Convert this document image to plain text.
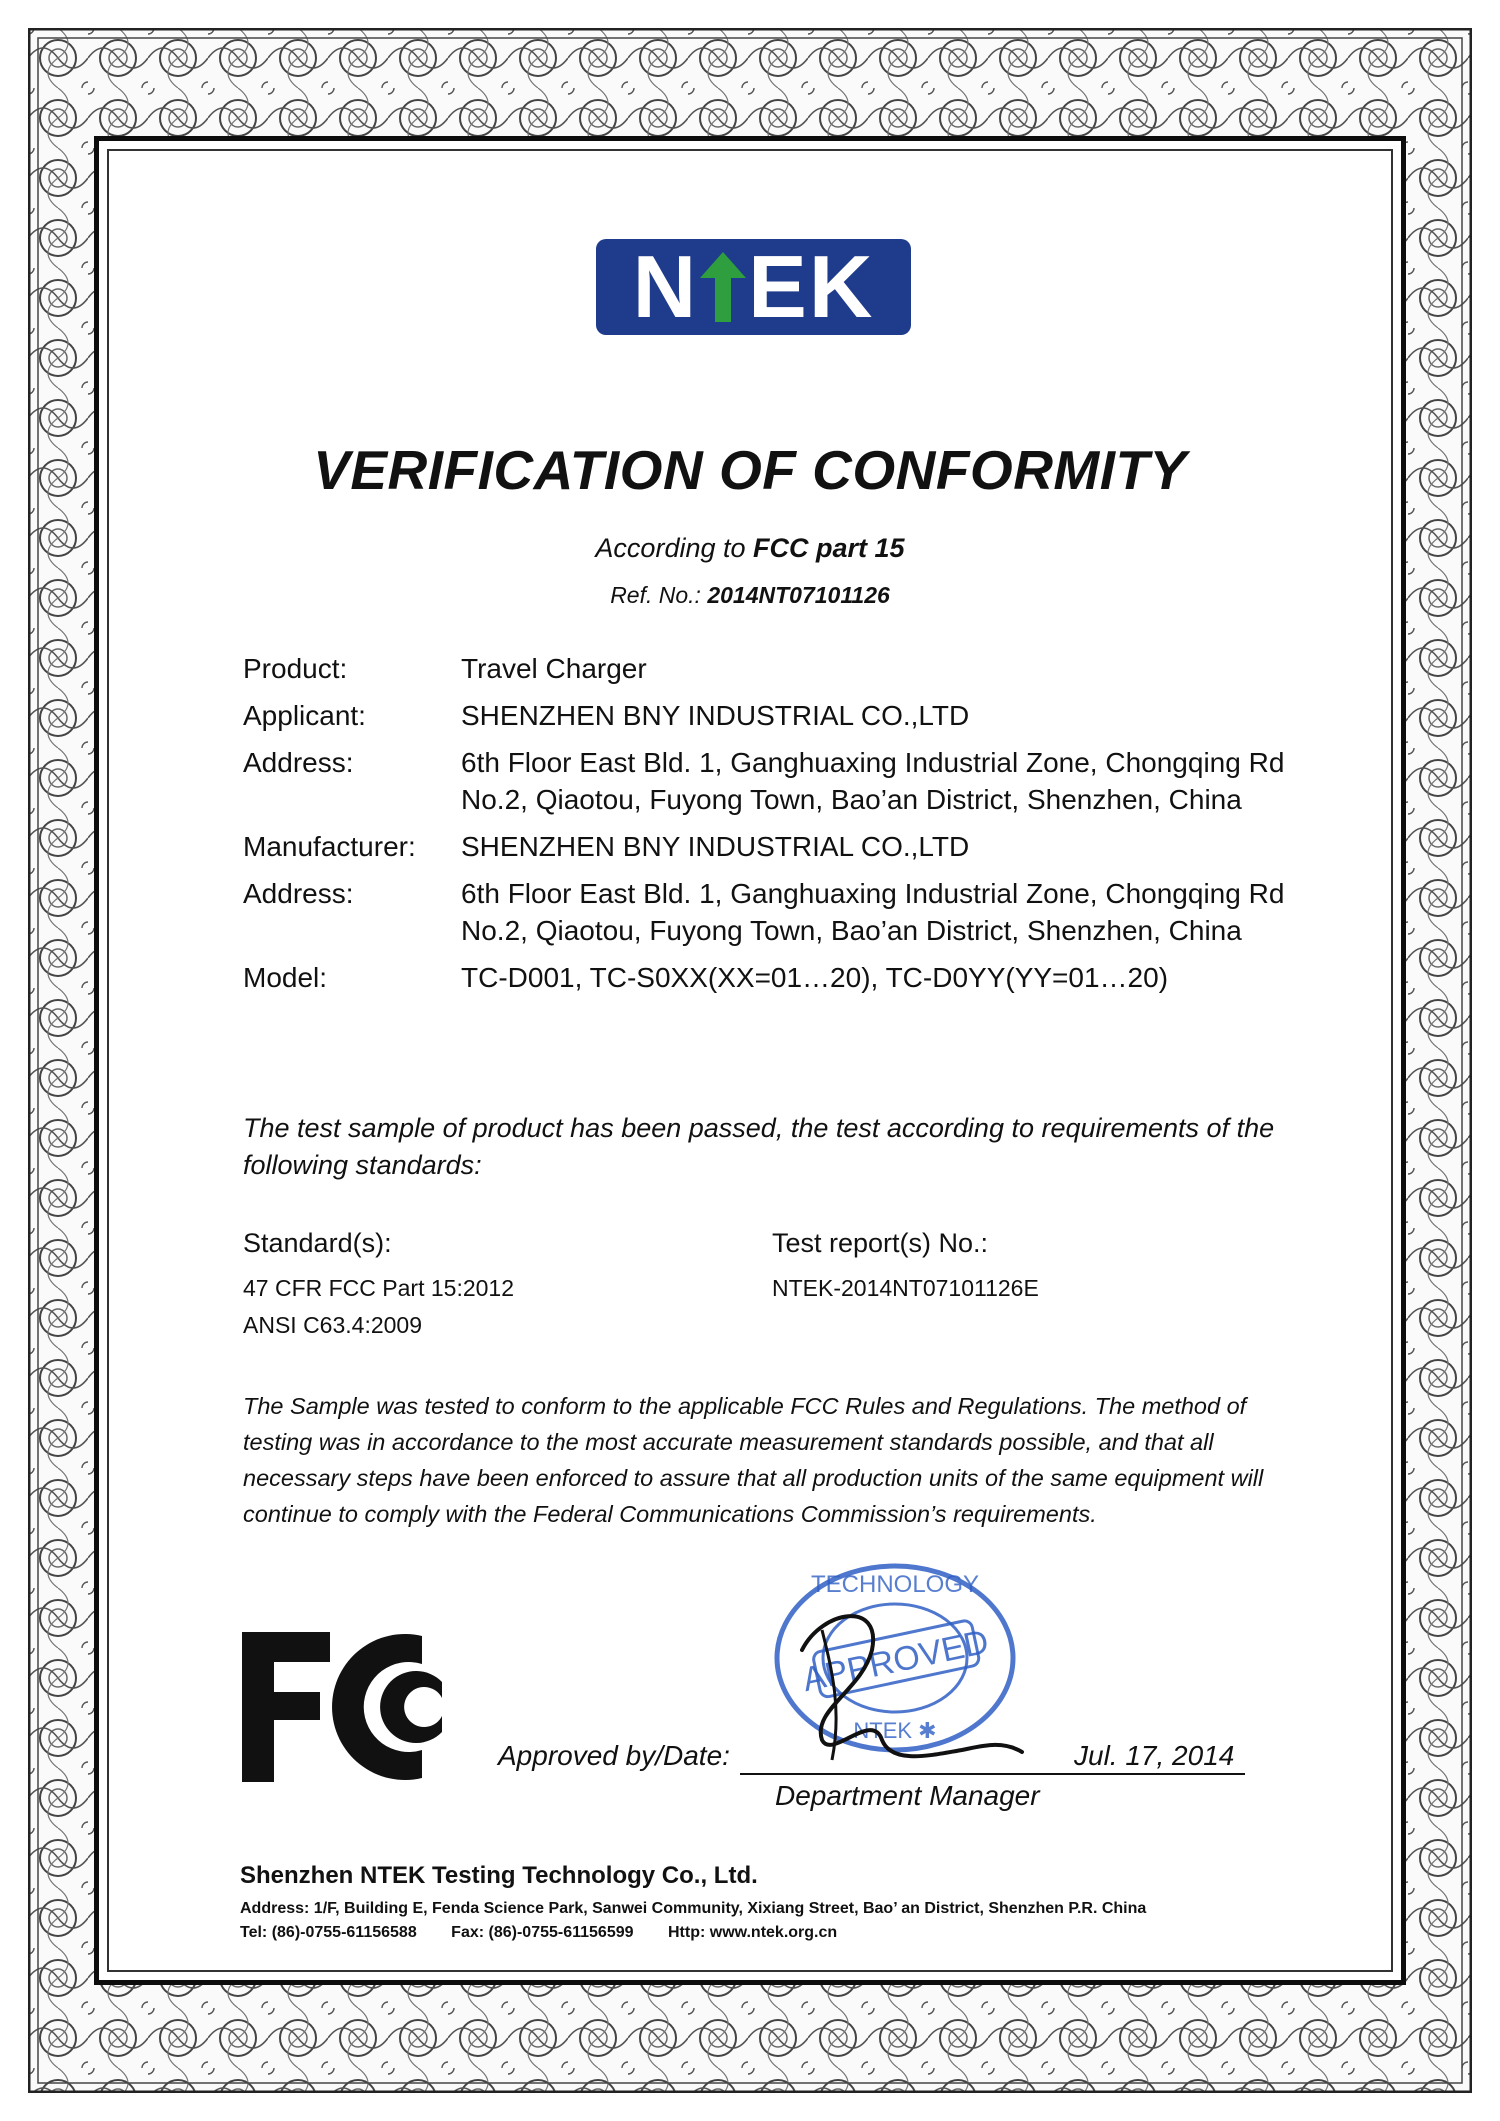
N EK
VERIFICATION OF CONFORMITY
According to FCC part 15
Ref. No.: 2014NT07101126
Product:	Travel Charger
Applicant:	SHENZHEN BNY INDUSTRIAL CO.,LTD
Address:	6th Floor East Bld. 1, Ganghuaxing Industrial Zone, Chongqing Rd No.2, Qiaotou, Fuyong Town, Bao’an District, Shenzhen, China
Manufacturer:	SHENZHEN BNY INDUSTRIAL CO.,LTD
Address:	6th Floor East Bld. 1, Ganghuaxing Industrial Zone, Chongqing Rd No.2, Qiaotou, Fuyong Town, Bao’an District, Shenzhen, China
Model:	TC-D001, TC-S0XX(XX=01…20), TC-D0YY(YY=01…20)
The test sample of product has been passed, the test according to requirements of the following standards:
Standard(s):
47 CFR FCC Part 15:2012
ANSI C63.4:2009
Test report(s) No.:
NTEK-2014NT07101126E
The Sample was tested to conform to the applicable FCC Rules and Regulations. The method of testing was in accordance to the most accurate measurement standards possible, and that all necessary steps have been enforced to assure that all production units of the same equipment will continue to comply with the Federal Communications Commission’s requirements.
APPROVED
TECHNOLOGY
NTEK ✱
Approved by/Date:	Jul. 17, 2014
Department Manager
Shenzhen NTEK Testing Technology Co., Ltd.
Address: 1/F, Building E, Fenda Science Park, Sanwei Community, Xixiang Street, Bao’ an District, Shenzhen P.R. China
Tel: (86)-0755-61156588 Fax: (86)-0755-61156599 Http: www.ntek.org.cn
